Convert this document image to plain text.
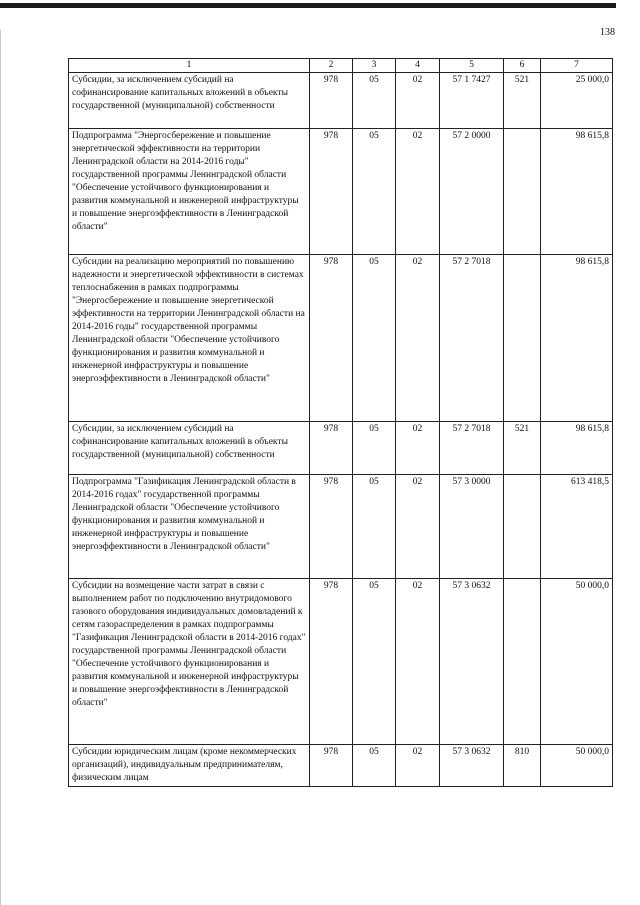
138
1	2	3	4	5	6	7
Субсидии, за исключением субсидий на софинансирование капитальных вложений в объекты государственной (муниципальной) собственности	978	05	02	57 1 7427	521	25 000,0
Подпрограмма "Энергосбережение и повышение энергетической эффективности на территории Ленинградской области на 2014-2016 годы" государственной программы Ленинградской области "Обеспечение устойчивого функционирования и развития коммунальной и инженерной инфраструктуры и повышение энергоэффективности в Ленинградской области"	978	05	02	57 2 0000		98 615,8
Субсидии на реализацию мероприятий по повышению надежности и энергетической эффективности в системах теплоснабжения в рамках подпрограммы "Энергосбережение и повышение энергетической эффективности на территории Ленинградской области на 2014-2016 годы" государственной программы Ленинградской области "Обеспечение устойчивого функционирования и развития коммунальной и инженерной инфраструктуры и повышение энергоэффективности в Ленинградской области"	978	05	02	57 2 7018		98 615,8
Субсидии, за исключением субсидий на софинансирование капитальных вложений в объекты государственной (муниципальной) собственности	978	05	02	57 2 7018	521	98 615,8
Подпрограмма "Газификация Ленинградской области в 2014-2016 годах" государственной программы Ленинградской области "Обеспечение устойчивого функционирования и развития коммунальной и инженерной инфраструктуры и повышение энергоэффективности в Ленинградской области"	978	05	02	57 3 0000		613 418,5
Субсидии на возмещение части затрат в связи с выполнением работ по подключению внутридомового газового оборудования индивидуальных домовладений к сетям газораспределения в рамках подпрограммы "Газификация Ленинградской области в 2014-2016 годах" государственной программы Ленинградской области "Обеспечение устойчивого функционирования и развития коммунальной и инженерной инфраструктуры и повышение энергоэффективности в Ленинградской области"	978	05	02	57 3 0632		50 000,0
Субсидии юридическим лицам (кроме некоммерческих организаций), индивидуальным предпринимателям, физическим лицам	978	05	02	57 3 0632	810	50 000,0
